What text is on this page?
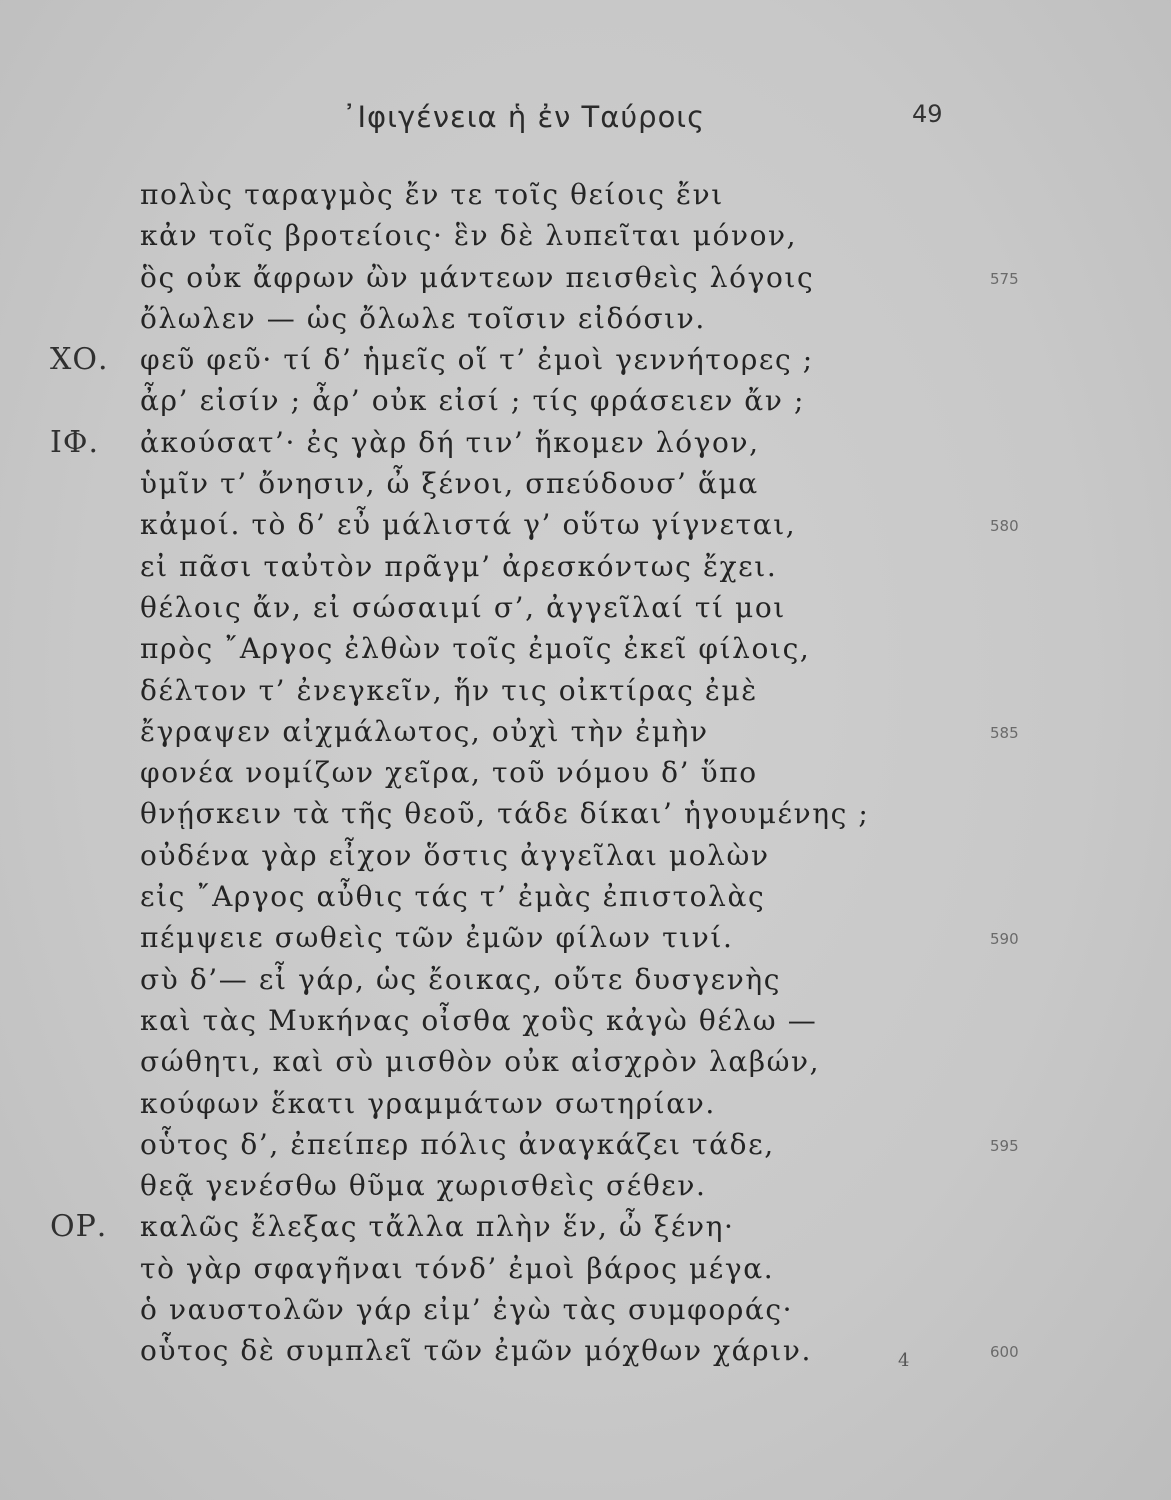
᾿Ιφιγένεια ἡ ἐν Ταύροις	49
πολὺς ταραγμὸς ἔν τε τοῖς θείοις ἔνι
κἀν τοῖς βροτείοις· ἓν δὲ λυπεῖται μόνον,
ὃς οὐκ ἄφρων ὢν μάντεων πεισθεὶς λόγοις	575
ὄλωλεν — ὡς ὄλωλε τοῖσιν εἰδόσιν.
ΧΟ. φεῦ φεῦ· τί δ’ ἡμεῖς οἵ τ’ ἐμοὶ γεννήτορες ;
ἆρ’ εἰσίν ; ἆρ’ οὐκ εἰσί ; τίς φράσειεν ἄν ;
ΙΦ. ἀκούσατ’· ἐς γὰρ δή τιν’ ἥκομεν λόγον,
ὑμῖν τ’ ὄνησιν, ὦ ξένοι, σπεύδουσ’ ἅμα
κἀμοί. τὸ δ’ εὖ μάλιστά γ’ οὕτω γίγνεται,	580
εἰ πᾶσι ταὐτὸν πρᾶγμ’ ἀρεσκόντως ἔχει.
θέλοις ἄν, εἰ σώσαιμί σ’, ἀγγεῖλαί τί μοι
πρὸς ῎Αργος ἐλθὼν τοῖς ἐμοῖς ἐκεῖ φίλοις,
δέλτον τ’ ἐνεγκεῖν, ἥν τις οἰκτίρας ἐμὲ
ἔγραψεν αἰχμάλωτος, οὐχὶ τὴν ἐμὴν	585
φονέα νομίζων χεῖρα, τοῦ νόμου δ’ ὕπο
θνῄσκειν τὰ τῆς θεοῦ, τάδε δίκαι’ ἡγουμένης ;
οὐδένα γὰρ εἶχον ὅστις ἀγγεῖλαι μολὼν
εἰς ῎Αργος αὖθις τάς τ’ ἐμὰς ἐπιστολὰς
πέμψειε σωθεὶς τῶν ἐμῶν φίλων τινί.	590
σὺ δ’— εἶ γάρ, ὡς ἔοικας, οὔτε δυσγενὴς
καὶ τὰς Μυκήνας οἶσθα χοὓς κἀγὼ θέλω —
σώθητι, καὶ σὺ μισθὸν οὐκ αἰσχρὸν λαβών,
κούφων ἕκατι γραμμάτων σωτηρίαν.
οὗτος δ’, ἐπείπερ πόλις ἀναγκάζει τάδε,	595
θεᾷ γενέσθω θῦμα χωρισθεὶς σέθεν.
ΟΡ. καλῶς ἔλεξας τἄλλα πλὴν ἕν, ὦ ξένη·
τὸ γὰρ σφαγῆναι τόνδ’ ἐμοὶ βάρος μέγα.
ὁ ναυστολῶν γάρ εἰμ’ ἐγὼ τὰς συμφοράς·
οὗτος δὲ συμπλεῖ τῶν ἐμῶν μόχθων χάριν.	600
4
